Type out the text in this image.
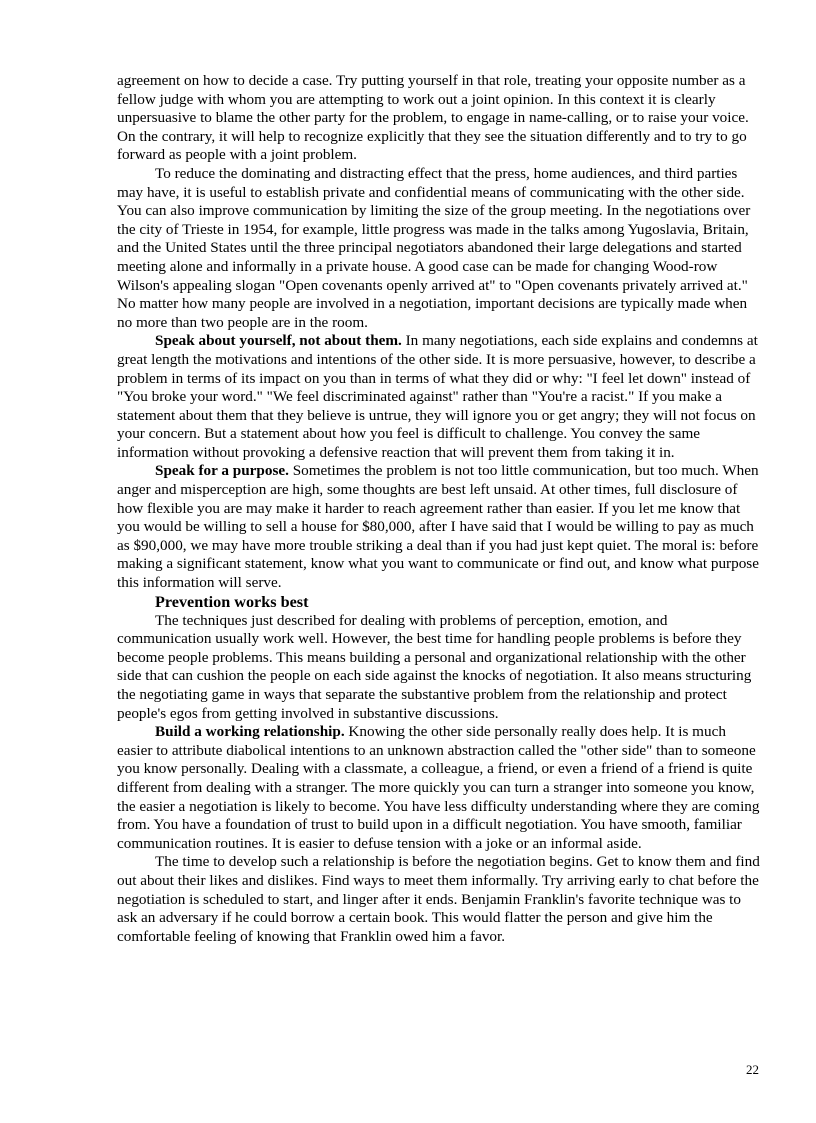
agreement on how to decide a case. Try putting yourself in that role, treating your opposite number as a fellow judge with whom you are attempting to work out a joint opinion. In this context it is clearly unpersuasive to blame the other party for the problem, to engage in name-calling, or to raise your voice. On the contrary, it will help to recognize explicitly that they see the situation differently and to try to go forward as people with a joint problem.

To reduce the dominating and distracting effect that the press, home audiences, and third parties may have, it is useful to establish private and confidential means of communicating with the other side. You can also improve communication by limiting the size of the group meeting. In the negotiations over the city of Trieste in 1954, for example, little progress was made in the talks among Yugoslavia, Britain, and the United States until the three principal negotiators abandoned their large delegations and started meeting alone and informally in a private house. A good case can be made for changing Wood-row Wilson's appealing slogan "Open covenants openly arrived at" to "Open covenants privately arrived at." No matter how many people are involved in a negotiation, important decisions are typically made when no more than two people are in the room.

Speak about yourself, not about them. In many negotiations, each side explains and condemns at great length the motivations and intentions of the other side. It is more persuasive, however, to describe a problem in terms of its impact on you than in terms of what they did or why: "I feel let down" instead of "You broke your word." "We feel discriminated against" rather than "You're a racist." If you make a statement about them that they believe is untrue, they will ignore you or get angry; they will not focus on your concern. But a statement about how you feel is difficult to challenge. You convey the same information without provoking a defensive reaction that will prevent them from taking it in.

Speak for a purpose. Sometimes the problem is not too little communication, but too much. When anger and misperception are high, some thoughts are best left unsaid. At other times, full disclosure of how flexible you are may make it harder to reach agreement rather than easier. If you let me know that you would be willing to sell a house for $80,000, after I have said that I would be willing to pay as much as $90,000, we may have more trouble striking a deal than if you had just kept quiet. The moral is: before making a significant statement, know what you want to communicate or find out, and know what purpose this information will serve.

Prevention works best

The techniques just described for dealing with problems of perception, emotion, and communication usually work well. However, the best time for handling people problems is before they become people problems. This means building a personal and organizational relationship with the other side that can cushion the people on each side against the knocks of negotiation. It also means structuring the negotiating game in ways that separate the substantive problem from the relationship and protect people's egos from getting involved in substantive discussions.

Build a working relationship. Knowing the other side personally really does help. It is much easier to attribute diabolical intentions to an unknown abstraction called the "other side" than to someone you know personally. Dealing with a classmate, a colleague, a friend, or even a friend of a friend is quite different from dealing with a stranger. The more quickly you can turn a stranger into someone you know, the easier a negotiation is likely to become. You have less difficulty understanding where they are coming from. You have a foundation of trust to build upon in a difficult negotiation. You have smooth, familiar communication routines. It is easier to defuse tension with a joke or an informal aside.

The time to develop such a relationship is before the negotiation begins. Get to know them and find out about their likes and dislikes. Find ways to meet them informally. Try arriving early to chat before the negotiation is scheduled to start, and linger after it ends. Benjamin Franklin's favorite technique was to ask an adversary if he could borrow a certain book. This would flatter the person and give him the comfortable feeling of knowing that Franklin owed him a favor.

22
